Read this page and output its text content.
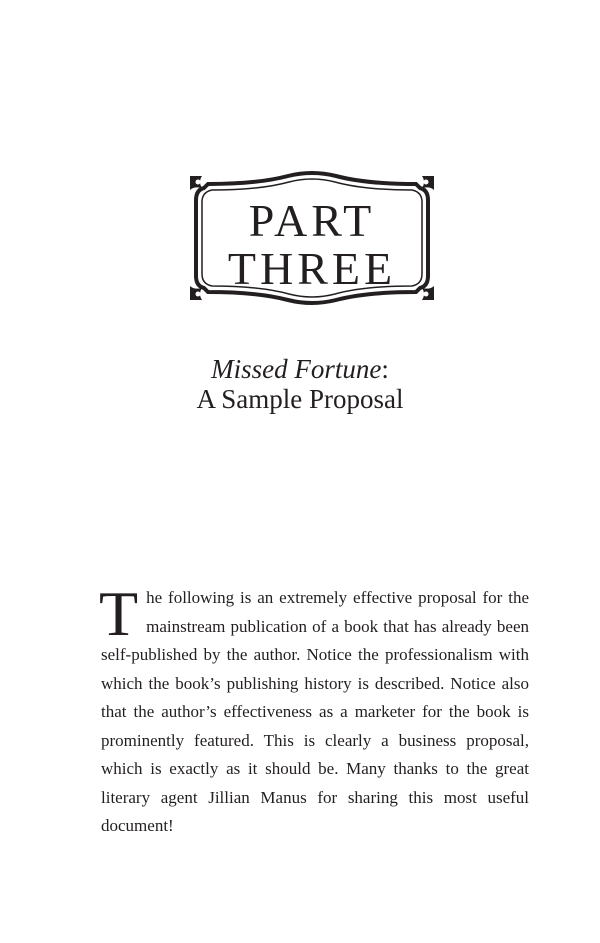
PART
THREE
Missed Fortune:
A Sample Proposal
T he following is an extremely effective proposal for the mainstream publication of a book that has already been self-published by the author. Notice the professionalism with which the book’s publishing history is described. Notice also that the author’s effectiveness as a marketer for the book is prominently featured. This is clearly a business proposal, which is exactly as it should be. Many thanks to the great literary agent Jillian Manus for sharing this most useful document!
